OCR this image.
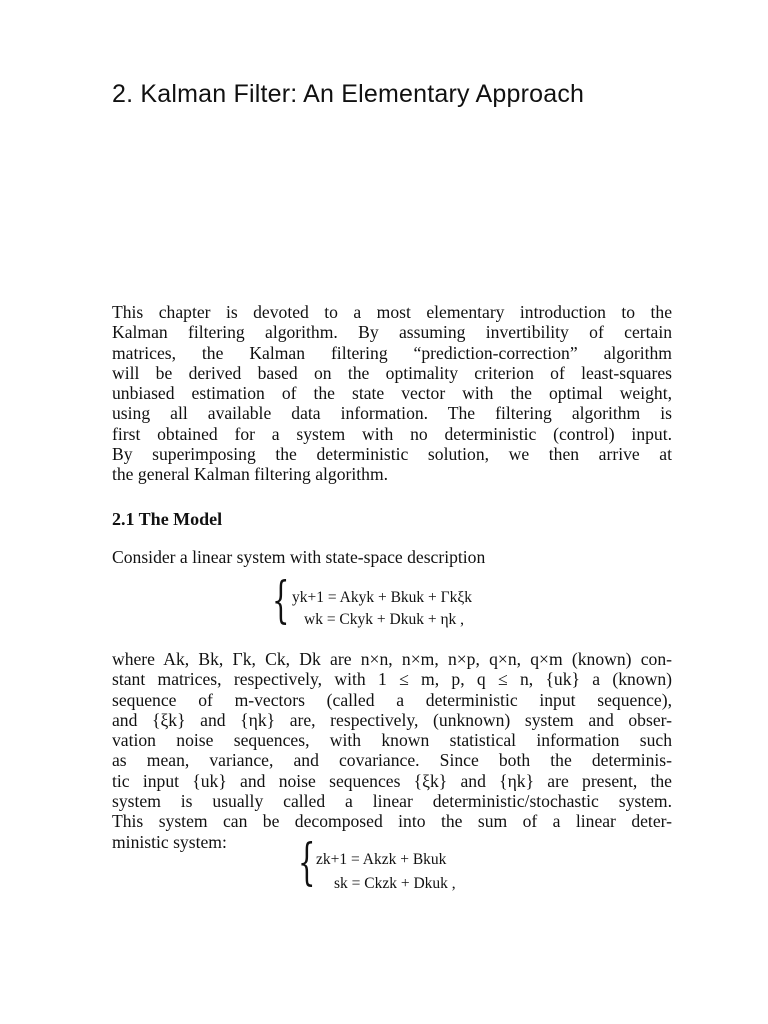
2. Kalman Filter: An Elementary Approach
This chapter is devoted to a most elementary introduction to the
Kalman filtering algorithm. By assuming invertibility of certain
matrices, the Kalman filtering “prediction-correction” algorithm
will be derived based on the optimality criterion of least-squares
unbiased estimation of the state vector with the optimal weight,
using all available data information. The filtering algorithm is
first obtained for a system with no deterministic (control) input.
By superimposing the deterministic solution, we then arrive at
the general Kalman filtering algorithm.
2.1 The Model
Consider a linear system with state-space description
{ yk+1 = Akyk + Bkuk + Γkξk
wk = Ckyk + Dkuk + ηk ,
where Ak, Bk, Γk, Ck, Dk are n×n, n×m, n×p, q×n, q×m (known) con-
stant matrices, respectively, with 1 ≤ m, p, q ≤ n, {uk} a (known)
sequence of m-vectors (called a deterministic input sequence),
and {ξk} and {ηk} are, respectively, (unknown) system and obser-
vation noise sequences, with known statistical information such
as mean, variance, and covariance. Since both the determinis-
tic input {uk} and noise sequences {ξk} and {ηk} are present, the
system is usually called a linear deterministic/stochastic system.
This system can be decomposed into the sum of a linear deter-
ministic system:	{ zk+1 = Akzk + Bkuk
sk = Ckzk + Dkuk ,
